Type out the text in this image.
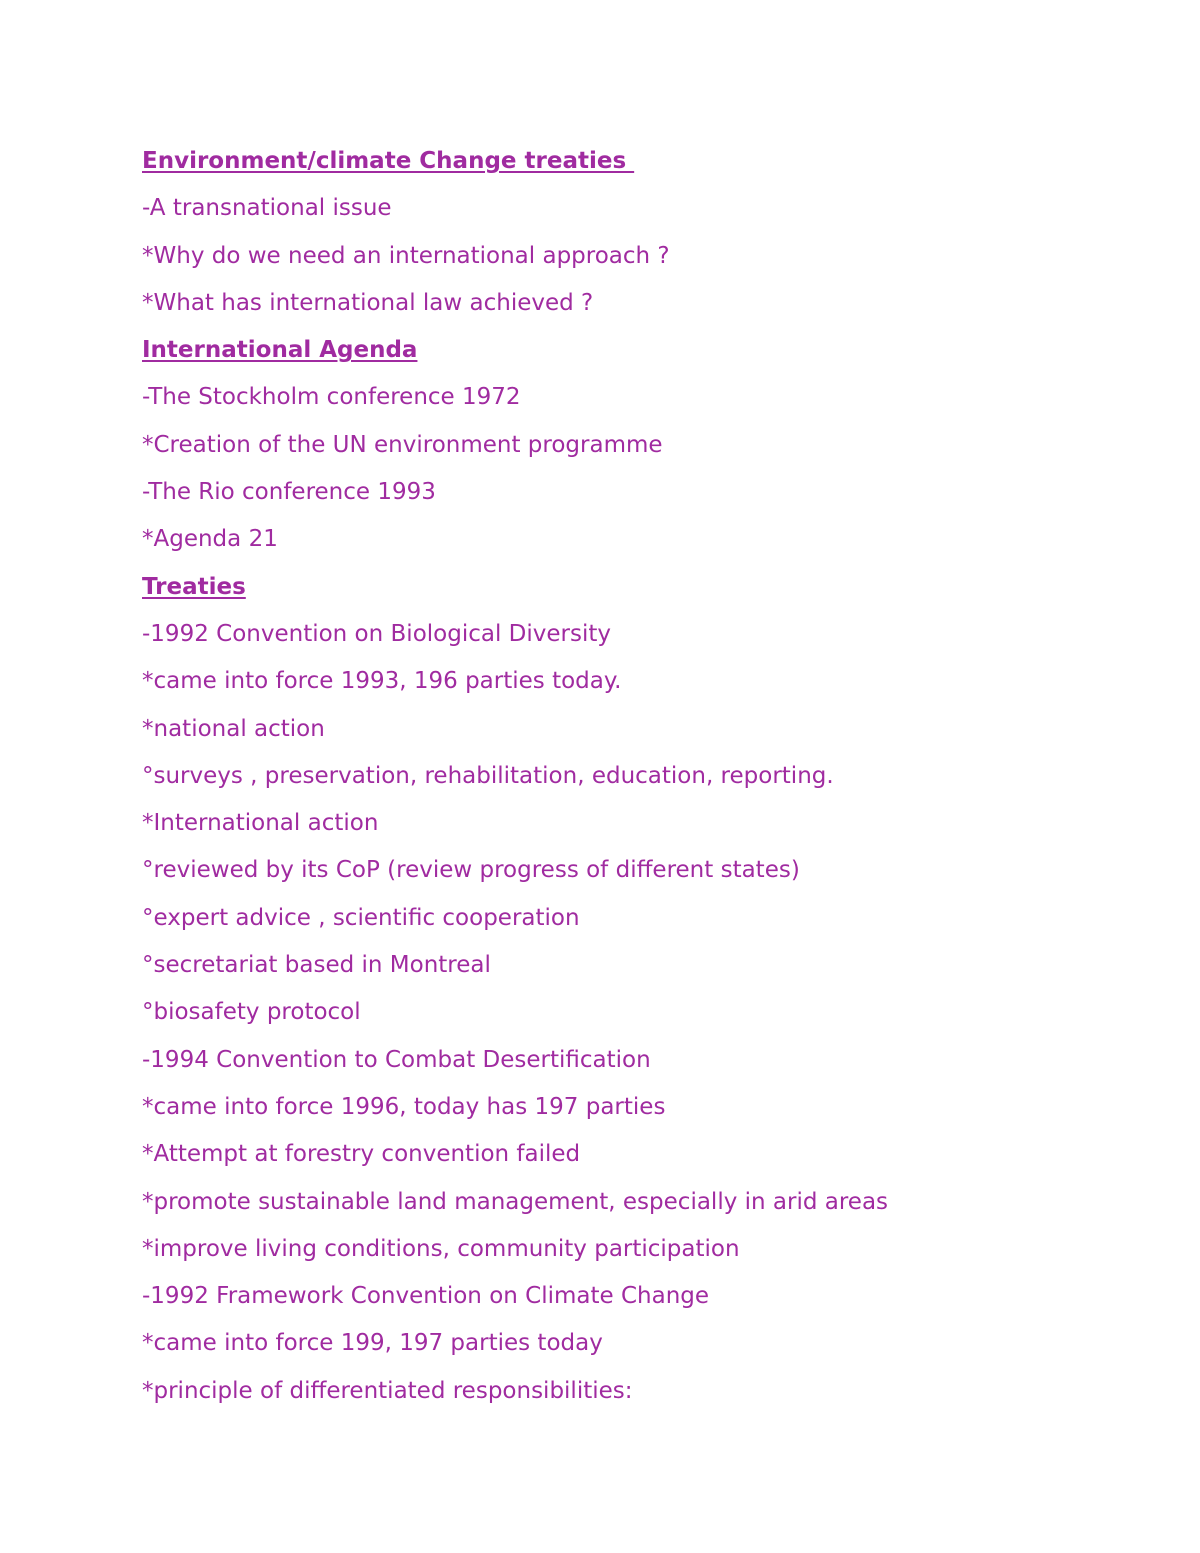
Environment/climate Change treaties

-A transnational issue

*Why do we need an international approach ?

*What has international law achieved ?

International Agenda

-The Stockholm conference 1972

*Creation of the UN environment programme

-The Rio conference 1993

*Agenda 21

Treaties

-1992 Convention on Biological Diversity

*came into force 1993, 196 parties today.

*national action

°surveys , preservation, rehabilitation, education, reporting.

*International action

°reviewed by its CoP (review progress of different states)

°expert advice , scientific cooperation

°secretariat based in Montreal

°biosafety protocol

-1994 Convention to Combat Desertification

*came into force 1996, today has 197 parties

*Attempt at forestry convention failed

*promote sustainable land management, especially in arid areas

*improve living conditions, community participation

-1992 Framework Convention on Climate Change

*came into force 199, 197 parties today

*principle of differentiated responsibilities:
